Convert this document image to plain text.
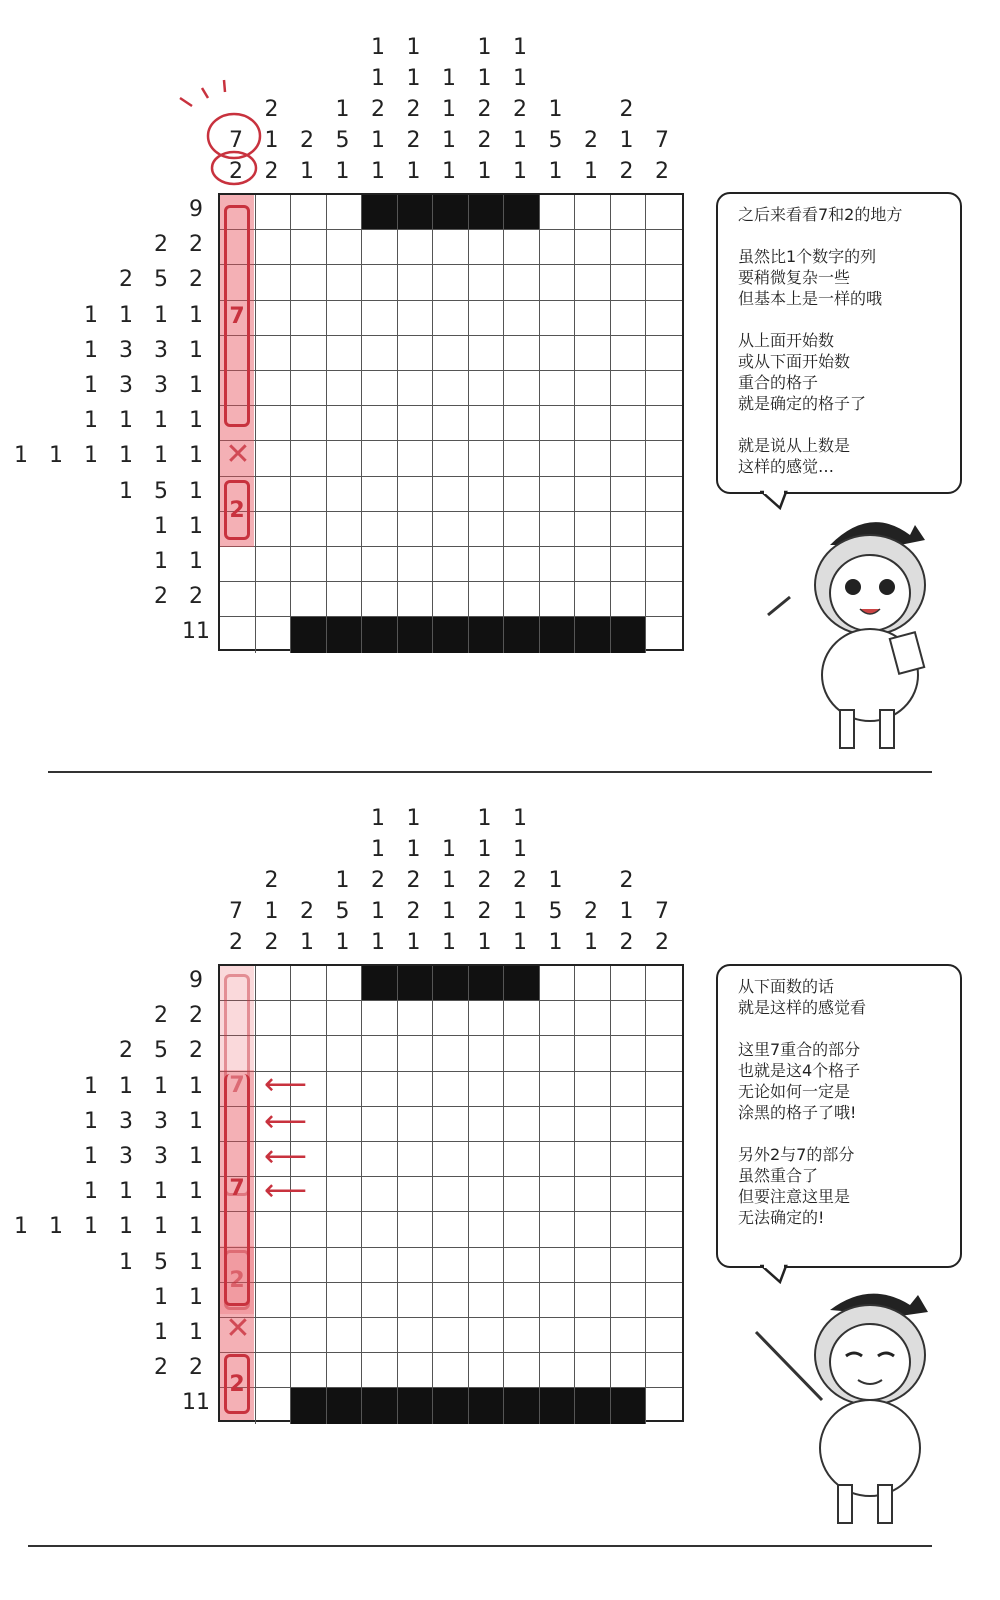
7
2
2
1
2
2
1
1
5
1
1
1
2
1
1
1
1
2
2
1
1
1
1
1
1
1
2
2
1
1
1
2
1
1
1
5
1
2
1
2
1
2
7
2
9
2 2
2 5 2
1 1 1 1
1 3 3 1
1 3 3 1
1 1 1 1
1 1 1 1 1 1
1 5 1
1 1
1 1
2 2
11
7
✕
2
之后来看看7和2的地方
虽然比1个数字的列
要稍微复杂一些
但基本上是一样的哦
从上面开始数
或从下面开始数
重合的格子
就是确定的格子了
就是说从上数是
这样的感觉…
7
2
2
1
2
2
1
1
5
1
1
1
2
1
1
1
1
2
2
1
1
1
1
1
1
1
2
2
1
1
1
2
1
1
1
5
1
2
1
2
1
2
7
2
9
2 2
2 5 2
1 1 1 1
1 3 3 1
1 3 3 1
1 1 1 1
1 1 1 1 1 1
1 5 1
1 1
1 1
2 2
11
7
7
2
✕
2
⟵
⟵
⟵
⟵
从下面数的话
就是这样的感觉看
这里7重合的部分
也就是这4个格子
无论如何一定是
涂黑的格子了哦!
另外2与7的部分
虽然重合了
但要注意这里是
无法确定的!
